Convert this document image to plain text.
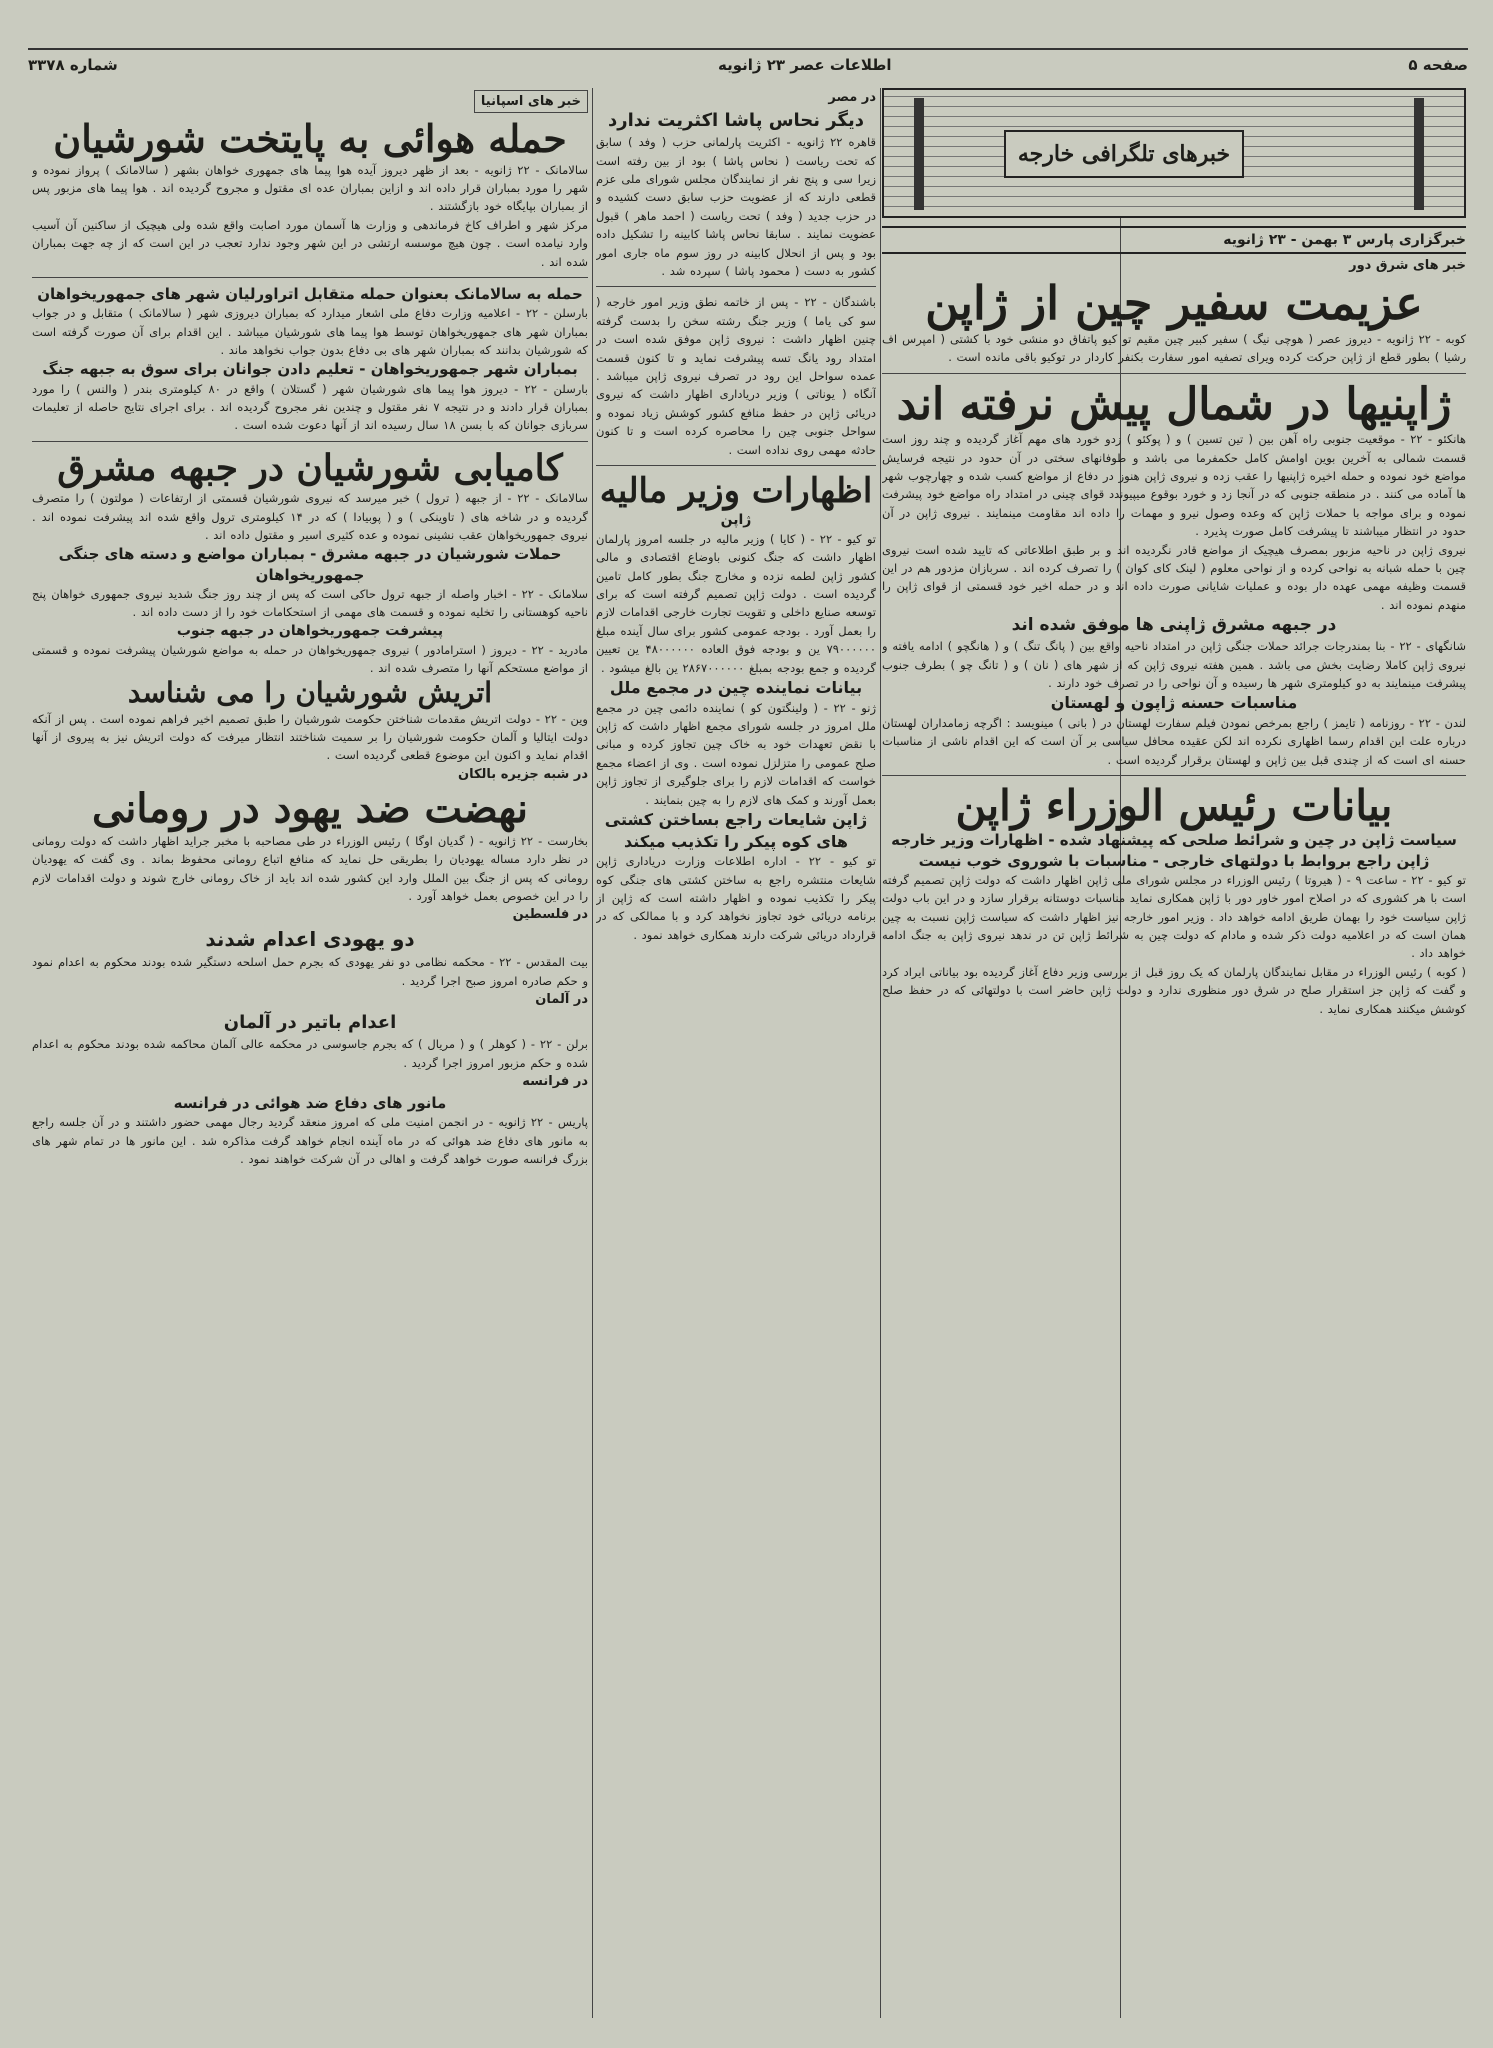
صفحه ۵
اطلاعات عصر ۲۳ ژانویه
شماره ۳۳۷۸
خبرهای تلگرافی خارجه
خبرگزاری پارس ۳ بهمن - ۲۳ ژانویه
خبر های شرق دور
عزیمت سفیر چین از ژاپن

کوبه - ۲۲ ژانویه - دیروز عصر ( هوچی نیگ ) سفیر کبیر چین مقیم تو کیو پاتفاق دو منشی خود با کشتی ( امپرس اف رشیا ) بطور قطع از ژاپن حرکت کرده ویرای تصفیه امور سفارت بکنفر کاردار در توکیو باقی مانده است .

ژاپنیها در شمال پیش نرفته اند

هانکئو - ۲۲ - موقعیت جنوبی راه آهن بین ( تین تسین ) و ( پوکئو ) زدو خورد های مهم آغاز گردیده و چند روز است قسمت شمالی به آخرین بوین اوامش کامل حکمفرما می باشد و طوفانهای سختی در آن حدود در نتیجه فرسایش مواضع خود نموده و حمله اخیره ژاپنیها را عقب زده و نیروی ژاپن هنوز در دفاع از مواضع کسب شده و چهارچوب شهر ها آماده می کنند . در منطقه جنوبی که در آنجا زد و خورد بوقوع میپیوندد قوای چینی در امتداد راه مواضع خود پیشرفت نموده و برای مواجه با حملات ژاپن که وعده وصول نیرو و مهمات را داده اند مقاومت مینمایند . نیروی ژاپن در آن حدود در انتظار میباشند تا پیشرفت کامل صورت پذیرد .

نیروی ژاپن در ناحیه مزبور بمصرف هیچیک از مواضع قادر نگردیده اند و بر طبق اطلاعاتی که تایید شده است نیروی چین با حمله شبانه به نواحی کرده و از نواحی معلوم ( لینک کای کوان ) را تصرف کرده اند . سربازان مزدور هم در این قسمت وظیفه مهمی عهده دار بوده و عملیات شایانی صورت داده اند و در حمله اخیر خود قسمتی از قوای ژاپن را منهدم نموده اند .

در جبهه مشرق ژاپنی ها موفق شده اند

شانگهای - ۲۲ - بنا بمندرجات جرائد حملات جنگی ژاپن در امتداد ناحیه واقع بین ( پانگ تنگ ) و ( هانگچو ) ادامه یافته و نیروی ژاپن کاملا رضایت بخش می باشد . همین هفته نیروی ژاپن که از شهر های ( نان ) و ( تانگ چو ) بطرف جنوب پیشرفت مینمایند به دو کیلومتری شهر ها رسیده و آن نواحی را در تصرف خود دارند .

مناسبات حسنه ژاپون و لهستان

لندن - ۲۲ - روزنامه ( تایمز ) راجع بمرخص نمودن فیلم سفارت لهستان در ( بانی ) مینویسد : اگرچه زمامداران لهستان درباره علت این اقدام رسما اظهاری نکرده اند لکن عقیده محافل سیاسی بر آن است که این اقدام ناشی از مناسبات حسنه ای است که از چندی قبل بین ژاپن و لهستان برقرار گردیده است .

بیانات رئیس الوزراء ژاپن
سیاست ژاپن در چین و شرائط صلحی که پیشنهاد شده - اظهارات وزیر خارجه ژاپن راجع بروابط با دولتهای خارجی - مناسبات با شوروی خوب نیست

تو کیو - ۲۲ - ساعت ۹ - ( هیروتا ) رئیس الوزراء در مجلس شورای ملی ژاپن اظهار داشت که دولت ژاپن تصمیم گرفته است با هر کشوری که در اصلاح امور خاور دور با ژاپن همکاری نماید مناسبات دوستانه برقرار سازد و در این باب دولت ژاپن سیاست خود را بهمان طریق ادامه خواهد داد . وزیر امور خارجه نیز اظهار داشت که سیاست ژاپن نسبت به چین همان است که در اعلامیه دولت ذکر شده و مادام که دولت چین به شرائط ژاپن تن در ندهد نیروی ژاپن به جنگ ادامه خواهد داد .

( کوبه ) رئیس الوزراء در مقابل نمایندگان پارلمان که یک روز قبل از بررسی وزیر دفاع آغاز گردیده بود بیاناتی ایراد کرد و گفت که ژاپن جز استقرار صلح در شرق دور منظوری ندارد و دولت ژاپن حاضر است با دولتهائی که در حفظ صلح کوشش میکنند همکاری نماید .

در مصر
دیگر نحاس پاشا اکثریت ندارد

قاهره ۲۲ ژانویه - اکثریت پارلمانی حزب ( وفد ) سابق که تحت ریاست ( نحاس پاشا ) بود از بین رفته است زیرا سی و پنج نفر از نمایندگان مجلس شورای ملی عزم قطعی دارند که از عضویت حزب سابق دست کشیده و در حزب جدید ( وفد ) تحت ریاست ( احمد ماهر ) قبول عضویت نمایند . سابقا نحاس پاشا کابینه را تشکیل داده بود و پس از انحلال کابینه در روز سوم ماه جاری امور کشور به دست ( محمود پاشا ) سپرده شد .

باشندگان - ۲۲ - پس از خاتمه نطق وزیر امور خارجه ( سو کی یاما ) وزیر جنگ رشته سخن را بدست گرفته چنین اظهار داشت : نیروی ژاپن موفق شده است در امتداد رود یانگ تسه پیشرفت نماید و تا کنون قسمت عمده سواحل این رود در تصرف نیروی ژاپن میباشد . آنگاه ( یوناتی ) وزیر دریاداری اظهار داشت که نیروی دریائی ژاپن در حفظ منافع کشور کوشش زیاد نموده و سواحل جنوبی چین را محاصره کرده است و تا کنون حادثه مهمی روی نداده است .

اظهارات وزیر مالیه
ژاپن

تو کیو - ۲۲ - ( کایا ) وزیر مالیه در جلسه امروز پارلمان اظهار داشت که جنگ کنونی باوضاع اقتصادی و مالی کشور ژاپن لطمه نزده و مخارج جنگ بطور کامل تامین گردیده است . دولت ژاپن تصمیم گرفته است که برای توسعه صنایع داخلی و تقویت تجارت خارجی اقدامات لازم را بعمل آورد . بودجه عمومی کشور برای سال آینده مبلغ ۷۹۰۰۰۰۰۰ ین و بودجه فوق العاده ۴۸۰۰۰۰۰۰ ین تعیین گردیده و جمع بودجه بمبلغ ۲۸۶۷۰۰۰۰۰۰ ین بالغ میشود .

بیانات نماینده چین در مجمع ملل

ژنو - ۲۲ - ( ولینگتون کو ) نماینده دائمی چین در مجمع ملل امروز در جلسه شورای مجمع اظهار داشت که ژاپن با نقض تعهدات خود به خاک چین تجاوز کرده و مبانی صلح عمومی را متزلزل نموده است . وی از اعضاء مجمع خواست که اقدامات لازم را برای جلوگیری از تجاوز ژاپن بعمل آورند و کمک های لازم را به چین بنمایند .

ژاپن شایعات راجع بساختن کشتی های کوه پیکر را تکذیب میکند

تو کیو - ۲۲ - اداره اطلاعات وزارت دریاداری ژاپن شایعات منتشره راجع به ساختن کشتی های جنگی کوه پیکر را تکذیب نموده و اظهار داشته است که ژاپن از برنامه دریائی خود تجاوز نخواهد کرد و با ممالکی که در قرارداد دریائی شرکت دارند همکاری خواهد نمود .

خبر های اسپانیا
حمله هوائی به پایتخت شورشیان

سالامانک - ۲۲ ژانویه - بعد از ظهر دیروز آیده هوا پیما های جمهوری خواهان بشهر ( سالامانک ) پرواز نموده و شهر را مورد بمباران قرار داده اند و ازاین بمباران عده ای مقتول و مجروح گردیده اند . هوا پیما های مزبور پس از بمباران بپایگاه خود بازگشتند .

مرکز شهر و اطراف کاخ فرماندهی و وزارت ها آسمان مورد اصابت واقع شده ولی هیچیک از ساکنین آن آسیب وارد نیامده است . چون هیچ موسسه ارتشی در این شهر وجود ندارد تعجب در این است که از چه جهت بمباران شده اند .

حمله به سالامانک بعنوان حمله متقابل اتراورلیان شهر های جمهوریخواهان

بارسلن - ۲۲ - اعلامیه وزارت دفاع ملی اشعار میدارد که بمباران دیروزی شهر ( سالامانک ) متقابل و در جواب بمباران شهر های جمهوریخواهان توسط هوا پیما های شورشیان میباشد . این اقدام برای آن صورت گرفته است که شورشیان بدانند که بمباران شهر های بی دفاع بدون جواب نخواهد ماند .

بمباران شهر جمهوریخواهان - تعلیم دادن جوانان برای سوق به جبهه جنگ

بارسلن - ۲۲ - دیروز هوا پیما های شورشیان شهر ( گستلان ) واقع در ۸۰ کیلومتری بندر ( والنس ) را مورد بمباران قرار دادند و در نتیجه ۷ نفر مقتول و چندین نفر مجروح گردیده اند . برای اجرای نتایج حاصله از تعلیمات سربازی جوانان که با بسن ۱۸ سال رسیده اند از آنها دعوت شده است .

کامیابی شورشیان در جبهه مشرق

سالامانک - ۲۲ - از جبهه ( ترول ) خبر میرسد که نیروی شورشیان قسمتی از ارتفاعات ( مولتون ) را متصرف گردیده و در شاخه های ( تاوینکی ) و ( پوبیادا ) که در ۱۴ کیلومتری ترول واقع شده اند پیشرفت نموده اند . نیروی جمهوریخواهان عقب نشینی نموده و عده کثیری اسیر و مقتول داده اند .

حملات شورشیان در جبهه مشرق - بمباران مواضع و دسته های جنگی جمهوریخواهان

سلامانک - ۲۲ - اخبار واصله از جبهه ترول حاکی است که پس از چند روز جنگ شدید نیروی جمهوری خواهان پنج ناحیه کوهستانی را تخلیه نموده و قسمت های مهمی از استحکامات خود را از دست داده اند .

پیشرفت جمهوریخواهان در جبهه جنوب

مادرید - ۲۲ - دیروز ( استرامادور ) نیروی جمهوریخواهان در حمله به مواضع شورشیان پیشرفت نموده و قسمتی از مواضع مستحکم آنها را متصرف شده اند .

اتریش شورشیان را می شناسد

وین - ۲۲ - دولت اتریش مقدمات شناختن حکومت شورشیان را طبق تصمیم اخیر فراهم نموده است . پس از آنکه دولت ایتالیا و آلمان حکومت شورشیان را بر سمیت شناختند انتظار میرفت که دولت اتریش نیز به پیروی از آنها اقدام نماید و اکنون این موضوع قطعی گردیده است .

در شبه جزیره بالکان
نهضت ضد یهود در رومانی

بخارست - ۲۲ ژانویه - ( گدیان اوگا ) رئیس الوزراء در طی مصاحبه با مخبر جراید اظهار داشت که دولت رومانی در نظر دارد مساله یهودیان را بطریقی حل نماید که منافع اتباع رومانی محفوظ بماند . وی گفت که یهودیان رومانی که پس از جنگ بین الملل وارد این کشور شده اند باید از خاک رومانی خارج شوند و دولت اقدامات لازم را در این خصوص بعمل خواهد آورد .

در فلسطین
دو یهودی اعدام شدند

بیت المقدس - ۲۲ - محکمه نظامی دو نفر یهودی که بجرم حمل اسلحه دستگیر شده بودند محکوم به اعدام نمود و حکم صادره امروز صبح اجرا گردید .

در آلمان
اعدام باتیر در آلمان

برلن - ۲۲ - ( کوهلر ) و ( مریال ) که بجرم جاسوسی در محکمه عالی آلمان محاکمه شده بودند محکوم به اعدام شده و حکم مزبور امروز اجرا گردید .

در فرانسه
مانور های دفاع ضد هوائی در فرانسه

پاریس - ۲۲ ژانویه - در انجمن امنیت ملی که امروز منعقد گردید رجال مهمی حضور داشتند و در آن جلسه راجع به مانور های دفاع ضد هوائی که در ماه آینده انجام خواهد گرفت مذاکره شد . این مانور ها در تمام شهر های بزرگ فرانسه صورت خواهد گرفت و اهالی در آن شرکت خواهند نمود .
